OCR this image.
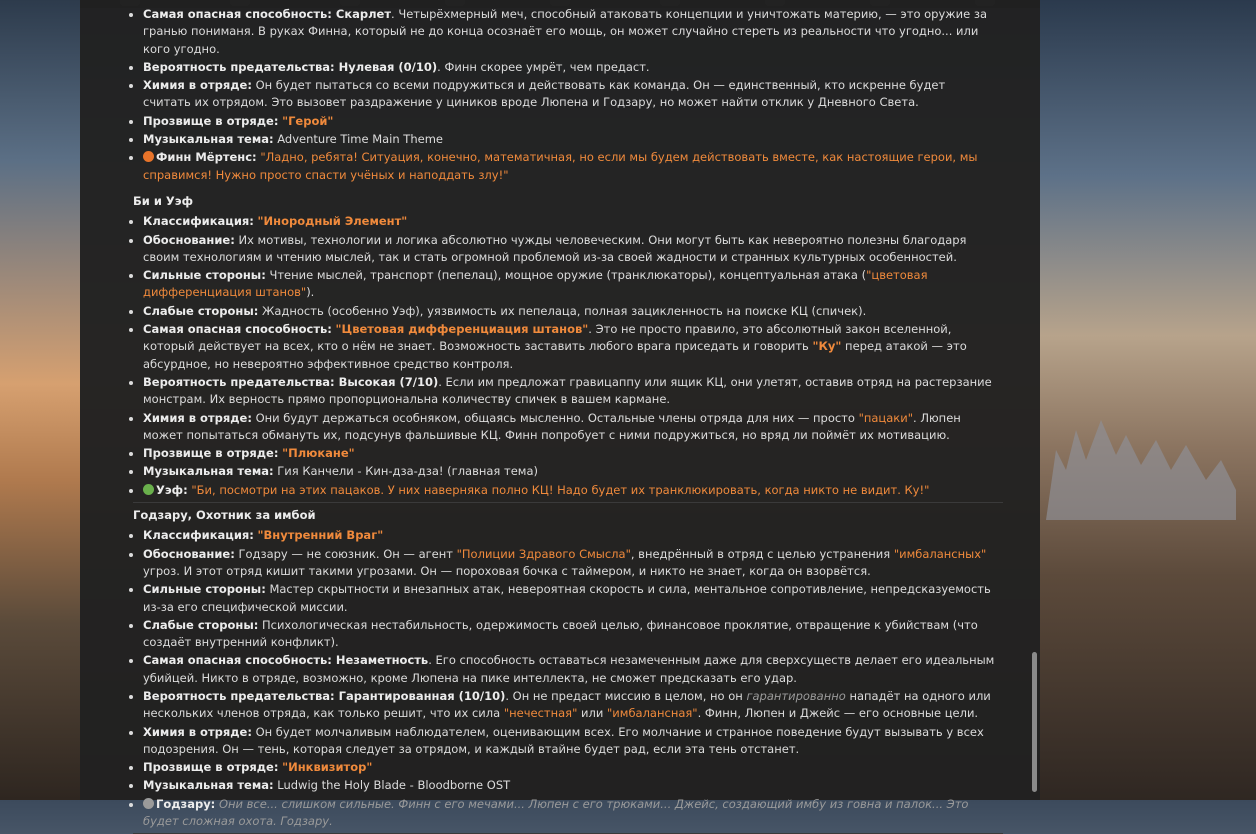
• Самая опасная способность: Скарлет. Четырёхмерный меч, способный атаковать концепции и уничтожать материю, — это оружие за гранью пониманя. В руках Финна, который не до конца осознаёт его мощь, он может случайно стереть из реальности что угодно... или кого угодно.
• Вероятность предательства: Нулевая (0/10). Финн скорее умрёт, чем предаст.
• Химия в отряде: Он будет пытаться со всеми подружиться и действовать как команда. Он — единственный, кто искренне будет считать их отрядом. Это вызовет раздражение у циников вроде Люпена и Годзару, но может найти отклик у Дневного Света.
• Прозвище в отряде: "Герой"
• Музыкальная тема: Adventure Time Main Theme
• Финн Мёртенс: "Ладно, ребята! Ситуация, конечно, математичная, но если мы будем действовать вместе, как настоящие герои, мы справимся! Нужно просто спасти учёных и наподдать злу!"
Би и Уэф
• Классификация: "Инородный Элемент"
• Обоснование: Их мотивы, технологии и логика абсолютно чужды человеческим. Они могут быть как невероятно полезны благодаря своим технологиям и чтению мыслей, так и стать огромной проблемой из-за своей жадности и странных культурных особенностей.
• Сильные стороны: Чтение мыслей, транспорт (пепелац), мощное оружие (транклюкаторы), концептуальная атака ("цветовая дифференциация штанов").
• Слабые стороны: Жадность (особенно Уэф), уязвимость их пепелаца, полная зацикленность на поиске КЦ (спичек).
• Самая опасная способность: "Цветовая дифференциация штанов". Это не просто правило, это абсолютный закон вселенной, который действует на всех, кто о нём не знает. Возможность заставить любого врага приседать и говорить "Ку" перед атакой — это абсурдное, но невероятно эффективное средство контроля.
• Вероятность предательства: Высокая (7/10). Если им предложат гравицаппу или ящик КЦ, они улетят, оставив отряд на растерзание монстрам. Их верность прямо пропорциональна количеству спичек в вашем кармане.
• Химия в отряде: Они будут держаться особняком, общаясь мысленно. Остальные члены отряда для них — просто "пацаки". Люпен может попытаться обмануть их, подсунув фальшивые КЦ. Финн попробует с ними подружиться, но вряд ли поймёт их мотивацию.
• Прозвище в отряде: "Плюкане"
• Музыкальная тема: Гия Канчели - Кин-дза-дза! (главная тема)
• Уэф: "Би, посмотри на этих пацаков. У них наверняка полно КЦ! Надо будет их транклюкировать, когда никто не видит. Ку!"
Годзару, Охотник за имбой
• Классификация: "Внутренний Враг"
• Обоснование: Годзару — не союзник. Он — агент "Полиции Здравого Смысла", внедрённый в отряд с целью устранения "имбалансных" угроз. И этот отряд кишит такими угрозами. Он — пороховая бочка с таймером, и никто не знает, когда он взорвётся.
• Сильные стороны: Мастер скрытности и внезапных атак, невероятная скорость и сила, ментальное сопротивление, непредсказуемость из-за его специфической миссии.
• Слабые стороны: Психологическая нестабильность, одержимость своей целью, финансовое проклятие, отвращение к убийствам (что создаёт внутренний конфликт).
• Самая опасная способность: Незаметность. Его способность оставаться незамеченным даже для сверхсуществ делает его идеальным убийцей. Никто в отряде, возможно, кроме Люпена на пике интеллекта, не сможет предсказать его удар.
• Вероятность предательства: Гарантированная (10/10). Он не предаст миссию в целом, но он гарантированно нападёт на одного или нескольких членов отряда, как только решит, что их сила "нечестная" или "имбалансная". Финн, Люпен и Джейс — его основные цели.
• Химия в отряде: Он будет молчаливым наблюдателем, оценивающим всех. Его молчание и странное поведение будут вызывать у всех подозрения. Он — тень, которая следует за отрядом, и каждый втайне будет рад, если эта тень отстанет.
• Прозвище в отряде: "Инквизитор"
• Музыкальная тема: Ludwig the Holy Blade - Bloodborne OST
• Годзару: Они все... слишком сильные. Финн с его мечами... Люпен с его трюками... Джейс, создающий имбу из говна и палок... Это будет сложная охота. Годзару.
